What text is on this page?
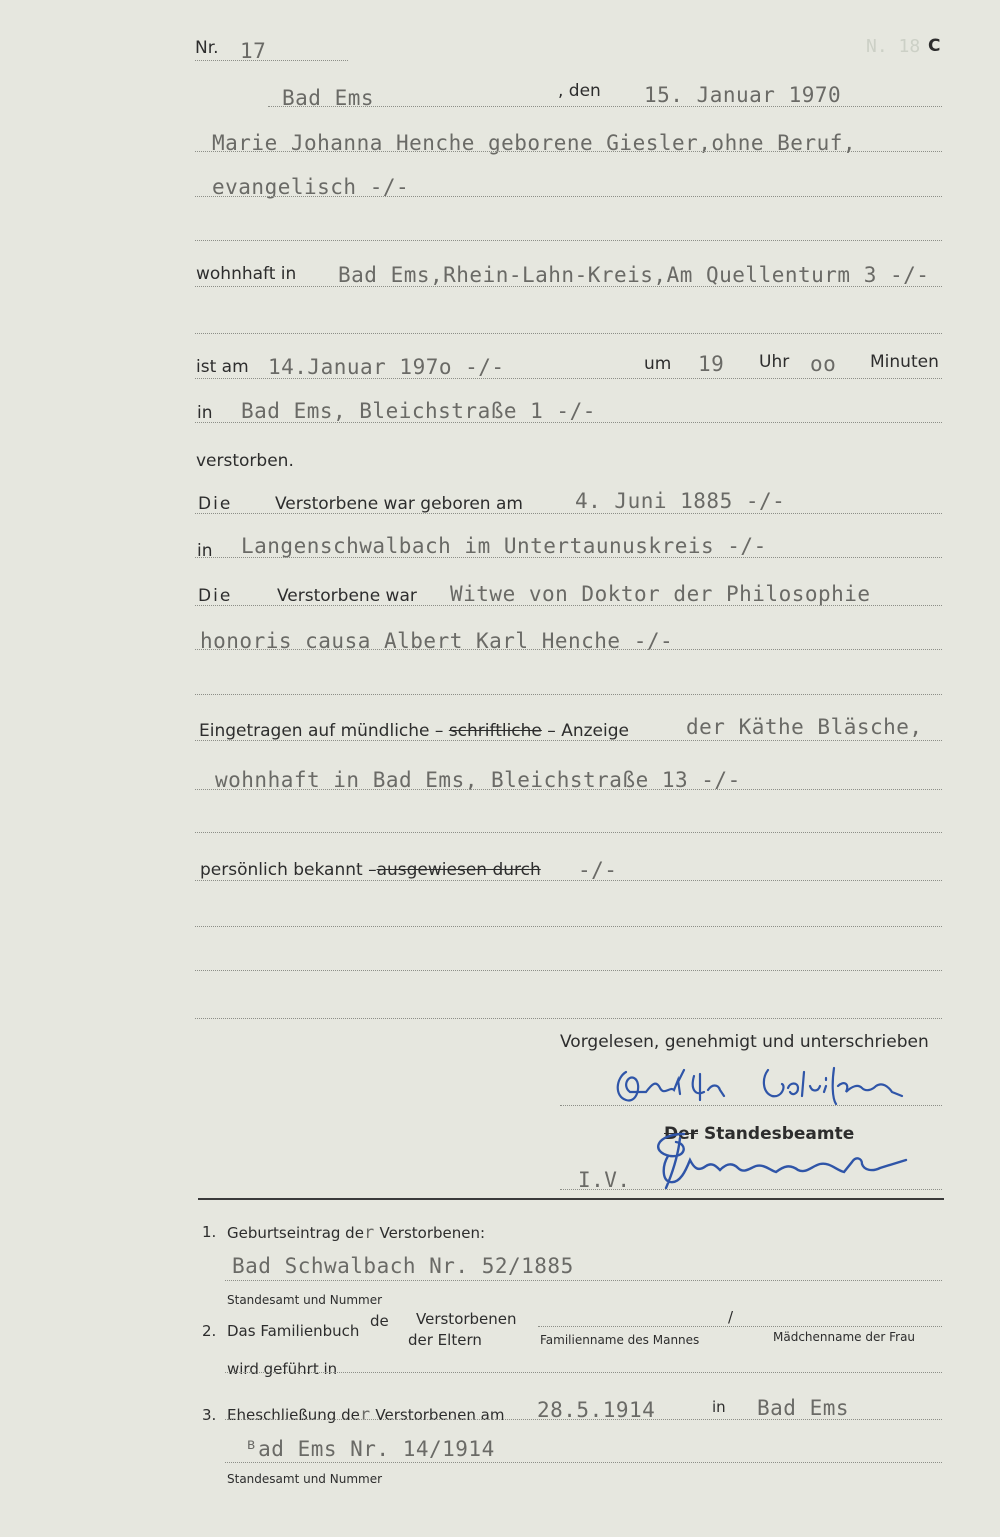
N. 18 C
Nr. 17
Bad Ems	, den 15. Januar 1970
Marie Johanna Henche geborene Giesler,ohne Beruf,
evangelisch -/-
wohnhaft in Bad Ems,Rhein-Lahn-Kreis,Am Quellenturm 3 -/-
ist am 14.Januar 197o -/-	um 19 Uhr oo Minuten
in Bad Ems, Bleichstraße 1 -/-
verstorben.
Die	Verstorbene war geboren am 4. Juni 1885 -/-
in Langenschwalbach im Untertaunuskreis -/-
Die	Verstorbene war Witwe von Doktor der Philosophie
honoris causa Albert Karl Henche -/-
Eingetragen auf mündliche – schriftliche – Anzeige	der Käthe Bläsche,
wohnhaft in Bad Ems, Bleichstraße 13 -/-
persönlich bekannt –ausgewiesen durch -/-
Vorgelesen, genehmigt und unterschrieben
Der Standesbeamte
I.V.
1. Geburtseintrag der Verstorbenen:
Bad Schwalbach Nr. 52/1885
Standesamt und Nummer
2. Das Familienbuch
de Verstorbenen
der Eltern
/
Familienname des Mannes	Mädchenname der Frau
wird geführt in
3. Eheschließung der Verstorbenen am 28.5.1914	in Bad Ems
ᴮad Ems Nr. 14/1914
Standesamt und Nummer
